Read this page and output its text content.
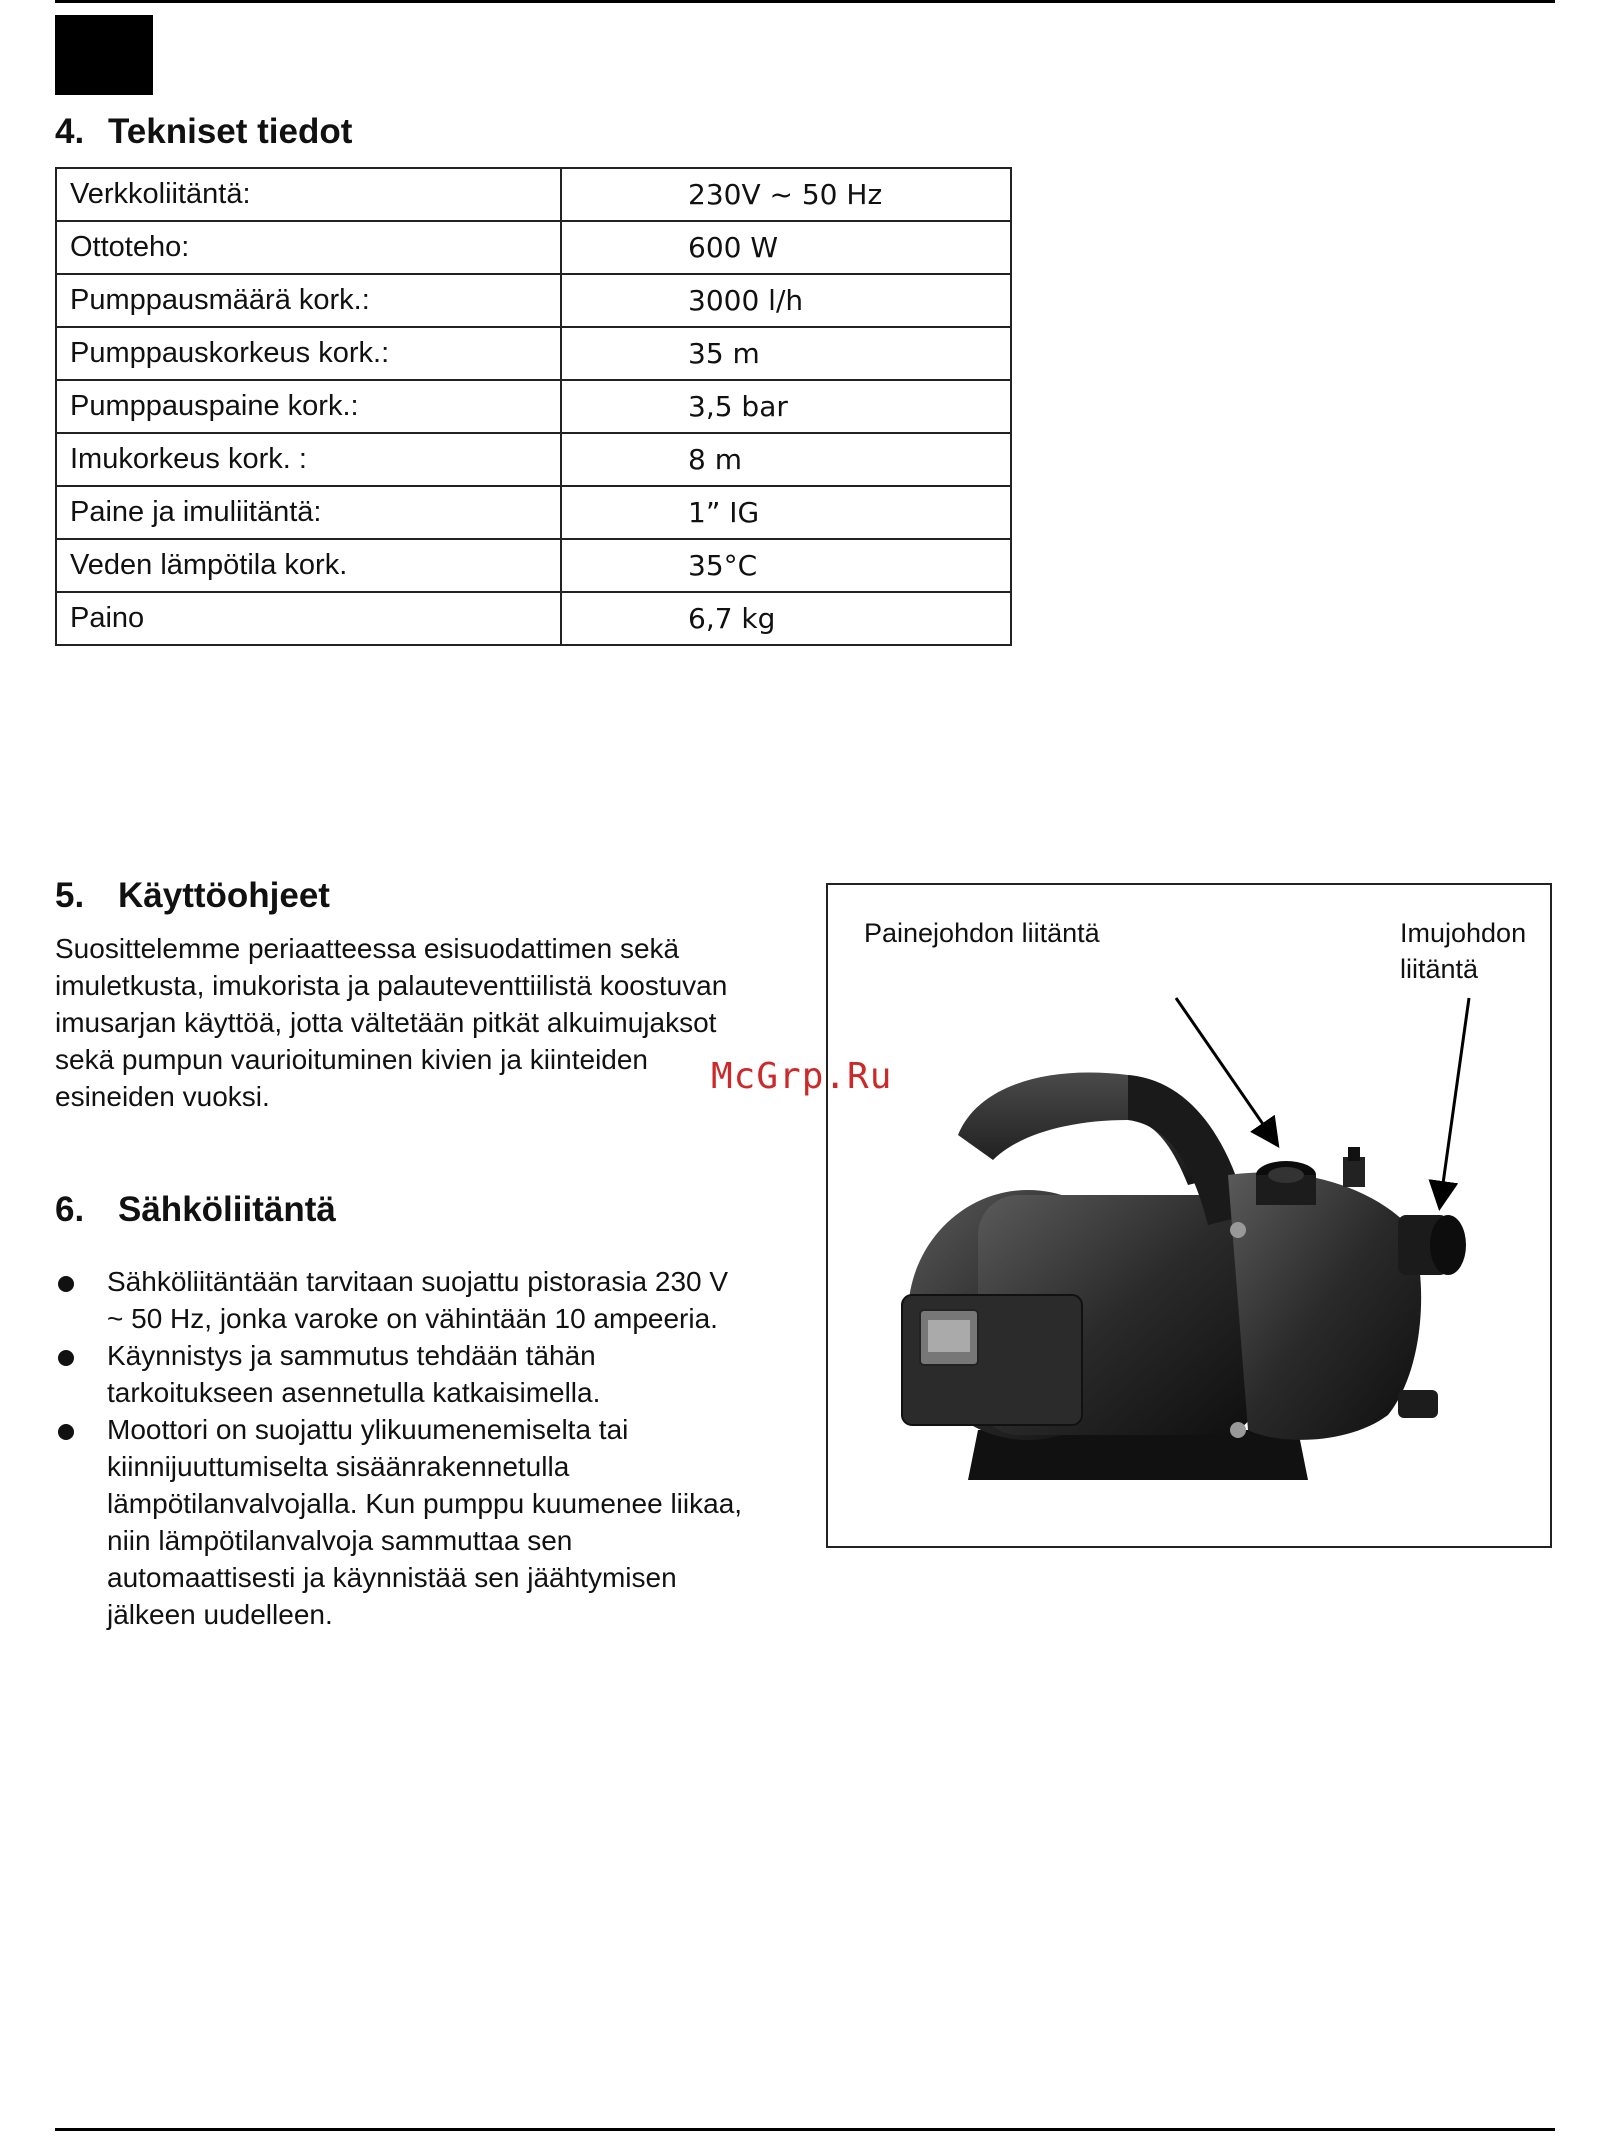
4. Tekniset tiedot
Verkkoliitäntä:	230V ~ 50 Hz
Ottoteho:	600 W
Pumppausmäärä kork.:	3000 l/h
Pumppauskorkeus kork.:	35 m
Pumppauspaine kork.:	3,5 bar
Imukorkeus kork. :	8 m
Paine ja imuliitäntä:	1” IG
Veden lämpötila kork.	35°C
Paino	6,7 kg
5. Käyttöohjeet

Suosittelemme periaatteessa esisuodattimen sekä imuletkusta, imukorista ja palauteventtiilistä koostuvan imusarjan käyttöä, jotta vältetään pitkät alkuimujaksot sekä pumpun vaurioituminen kivien ja kiinteiden esineiden vuoksi.

6. Sähköliitäntä
Sähköliitäntään tarvitaan suojattu pistorasia 230 V ~ 50 Hz, jonka varoke on vähintään 10 ampeeria.
Käynnistys ja sammutus tehdään tähän tarkoitukseen asennetulla katkaisimella.
Moottori on suojattu ylikuumenemiselta tai kiinnijuuttumiselta sisäänrakennetulla lämpötilanvalvojalla. Kun pumppu kuumenee liikaa, niin lämpötilanvalvoja sammuttaa sen automaattisesti ja käynnistää sen jäähtymisen jälkeen uudelleen.

Painejohdon liitäntä	Imujohdon
liitäntä

McGrp.Ru
